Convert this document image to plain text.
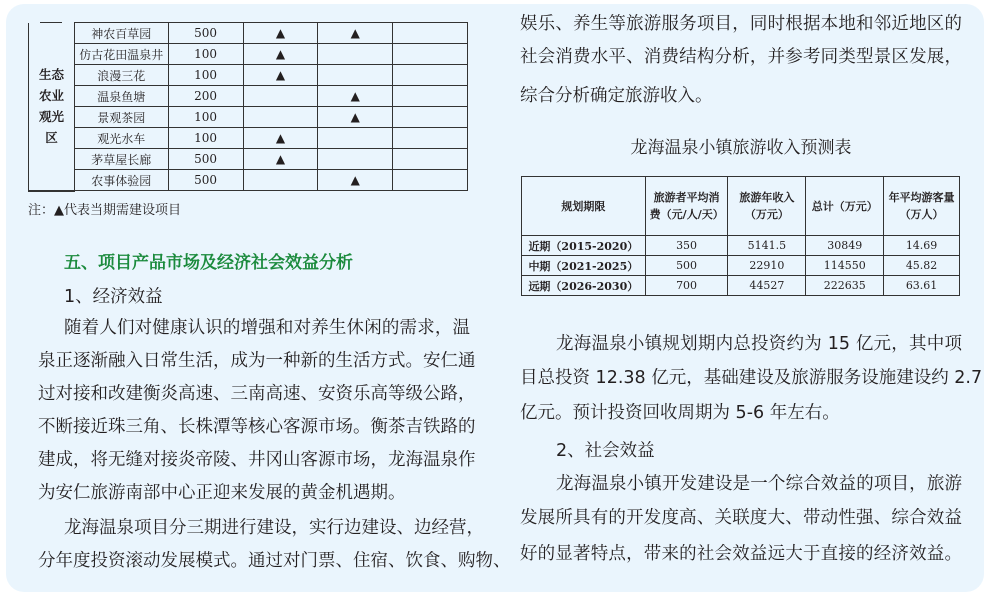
生态
农业
观光
区	神农百草园	500	▲	▲	
	仿古花田温泉井	100	▲		
	浪漫三花	100	▲		
	温泉鱼塘	200		▲	
	景观茶园	100		▲	
	观光水车	100	▲		
	茅草屋长廊	500	▲		
	农事体验园	500		▲	
注：▲代表当期需建设项目
五、项目产品市场及经济社会效益分析
1、经济效益
随着人们对健康认识的增强和对养生休闲的需求，温
泉正逐渐融入日常生活，成为一种新的生活方式。安仁通
过对接和改建衡炎高速、三南高速、安资乐高等级公路，
不断接近珠三角、长株潭等核心客源市场。衡茶吉铁路的
建成，将无缝对接炎帝陵、井冈山客源市场，龙海温泉作
为安仁旅游南部中心正迎来发展的黄金机遇期。
龙海温泉项目分三期进行建设，实行边建设、边经营，
分年度投资滚动发展模式。通过对门票、住宿、饮食、购物、
娱乐、养生等旅游服务项目，同时根据本地和邻近地区的
社会消费水平、消费结构分析，并参考同类型景区发展，
综合分析确定旅游收入。
龙海温泉小镇旅游收入预测表
规划期限	旅游者平均消费（元/人/天）	旅游年收入（万元）	总计（万元）	年平均游客量（万人）
近期（2015-2020）	350	5141.5	30849	14.69
中期（2021-2025）	500	22910	114550	45.82
远期（2026-2030）	700	44527	222635	63.61
龙海温泉小镇规划期内总投资约为 15 亿元，其中项
目总投资 12.38 亿元，基础建设及旅游服务设施建设约 2.7
亿元。预计投资回收周期为 5-6 年左右。
2、社会效益
龙海温泉小镇开发建设是一个综合效益的项目，旅游
发展所具有的开发度高、关联度大、带动性强、综合效益
好的显著特点，带来的社会效益远大于直接的经济效益。
